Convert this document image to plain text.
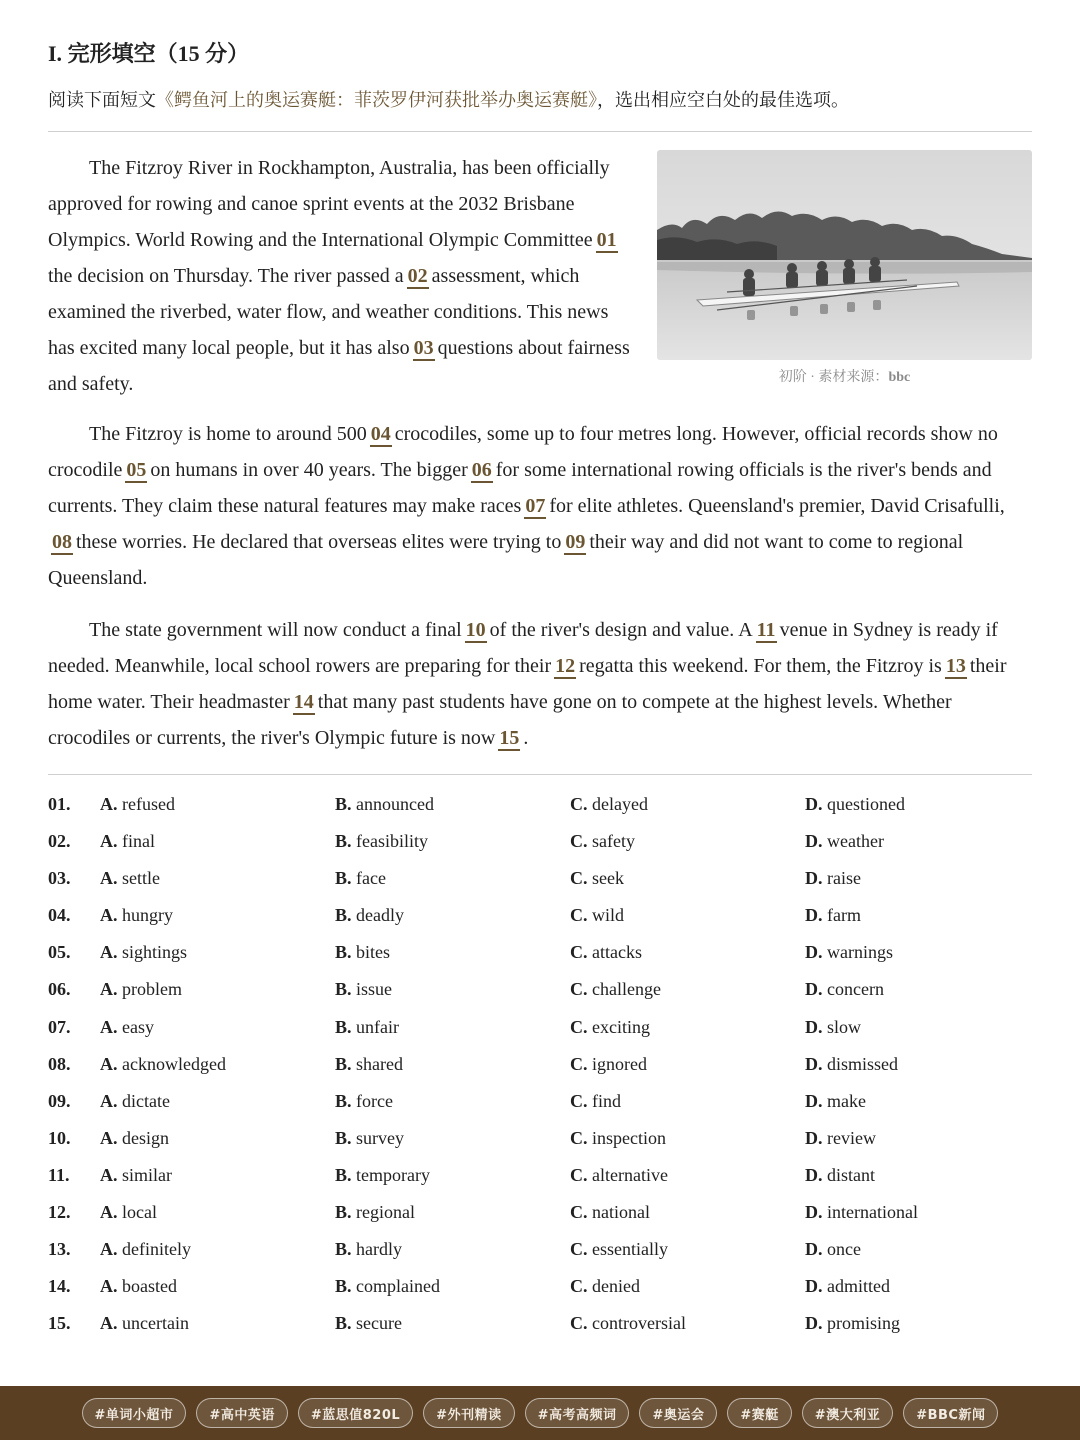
I. 完形填空（15 分）
阅读下面短文《鳄鱼河上的奥运赛艇：菲茨罗伊河获批举办奥运赛艇》，选出相应空白处的最佳选项。

The Fitzroy River in Rockhampton, Australia, has been officially approved for rowing and canoe sprint events at the 2032 Brisbane Olympics. World Rowing and the International Olympic Committee 01the decision on Thursday. The river passed a 02 assessment, which examined the riverbed, water flow, and weather conditions. This news has excited many local people, but it has also 03 questions about fairness and safety.	初阶 · 素材来源：bbc

The Fitzroy is home to around 500 04 crocodiles, some up to four metres long. However, official records show no crocodile 05 on humans in over 40 years. The bigger 06 for some international rowing officials is the river's bends and currents. They claim these natural features may make races 07 for elite athletes. Queensland's premier, David Crisafulli,08 these worries. He declared that overseas elites were trying to 09 their way and did not want to come to regional Queensland.

The state government will now conduct a final 10 of the river's design and value. A 11 venue in Sydney is ready if needed. Meanwhile, local school rowers are preparing for their 12 regatta this weekend. For them, the Fitzroy is 13 their home water. Their headmaster 14 that many past students have gone on to compete at the highest levels. Whether crocodiles or currents, the river's Olympic future is now 15 .

01. A. refused	B. announced	C. delayed	D. questioned
02. A. final	B. feasibility	C. safety	D. weather
03. A. settle	B. face	C. seek	D. raise
04. A. hungry	B. deadly	C. wild	D. farm
05. A. sightings	B. bites	C. attacks	D. warnings
06. A. problem	B. issue	C. challenge	D. concern
07. A. easy	B. unfair	C. exciting	D. slow
08. A. acknowledged	B. shared	C. ignored	D. dismissed
09. A. dictate	B. force	C. find	D. make
10. A. design	B. survey	C. inspection	D. review
11. A. similar	B. temporary	C. alternative	D. distant
12. A. local	B. regional	C. national	D. international
13. A. definitely	B. hardly	C. essentially	D. once
14. A. boasted	B. complained	C. denied	D. admitted
15. A. uncertain	B. secure	C. controversial	D. promising
#单词小超市	#高中英语	#蓝思值820L	#外刊精读	#高考高频词	#奥运会	#赛艇	#澳大利亚	#BBC新闻
